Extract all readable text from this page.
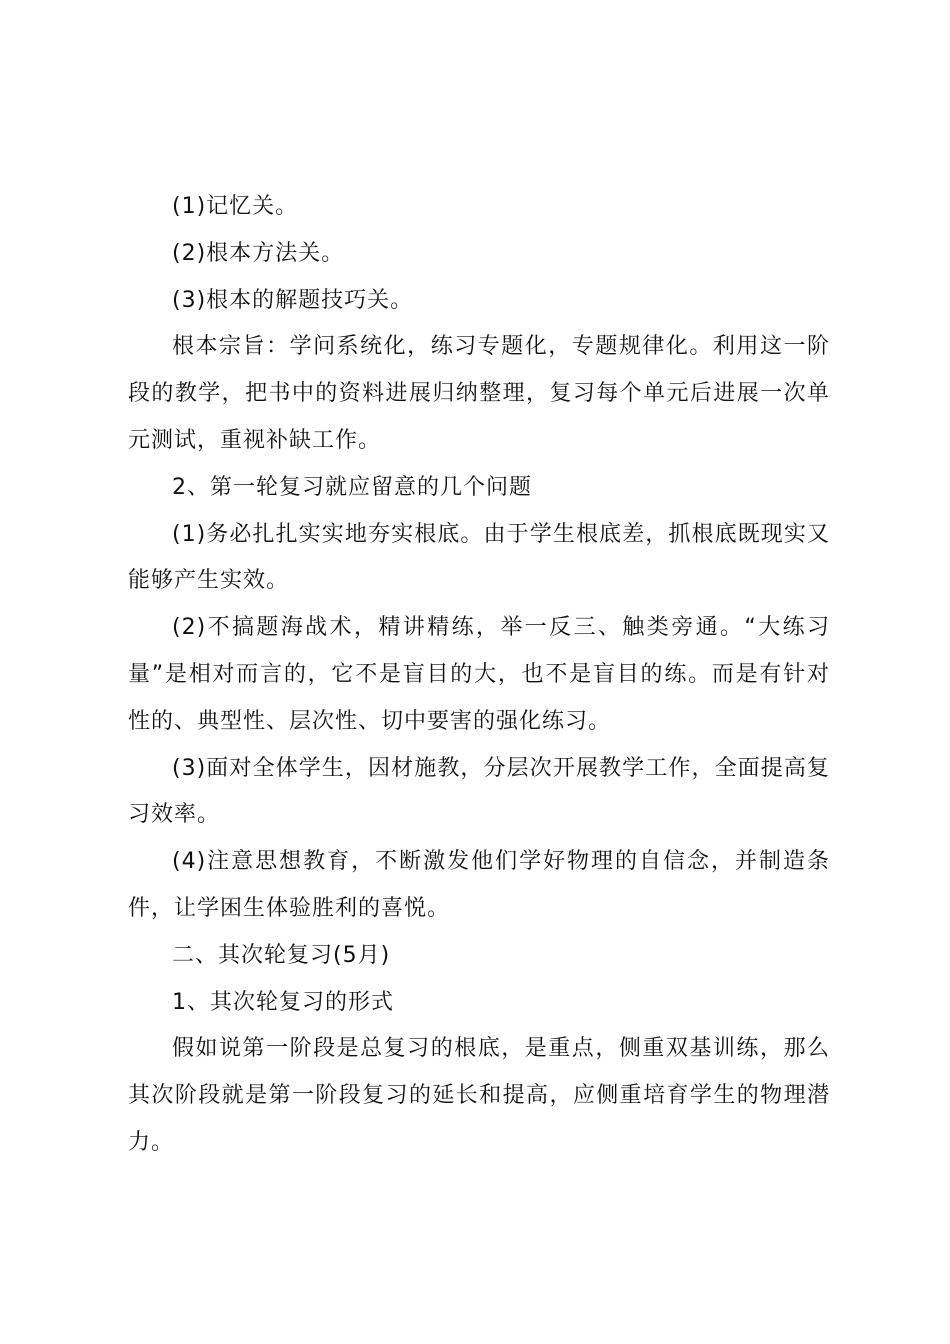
(1)记忆关。

(2)根本方法关。

(3)根本的解题技巧关。

根本宗旨：学问系统化，练习专题化，专题规律化。利用这一阶段的教学，把书中的资料进展归纳整理，复习每个单元后进展一次单元测试，重视补缺工作。

2、第一轮复习就应留意的几个问题

(1)务必扎扎实实地夯实根底。由于学生根底差，抓根底既现实又能够产生实效。

(2)不搞题海战术，精讲精练，举一反三、触类旁通。“大练习量”是相对而言的，它不是盲目的大，也不是盲目的练。而是有针对性的、典型性、层次性、切中要害的强化练习。

(3)面对全体学生，因材施教，分层次开展教学工作，全面提高复习效率。

(4)注意思想教育，不断激发他们学好物理的自信念，并制造条件，让学困生体验胜利的喜悦。

二、其次轮复习(5月)

1、其次轮复习的形式

假如说第一阶段是总复习的根底，是重点，侧重双基训练，那么其次阶段就是第一阶段复习的延长和提高，应侧重培育学生的物理潜力。
